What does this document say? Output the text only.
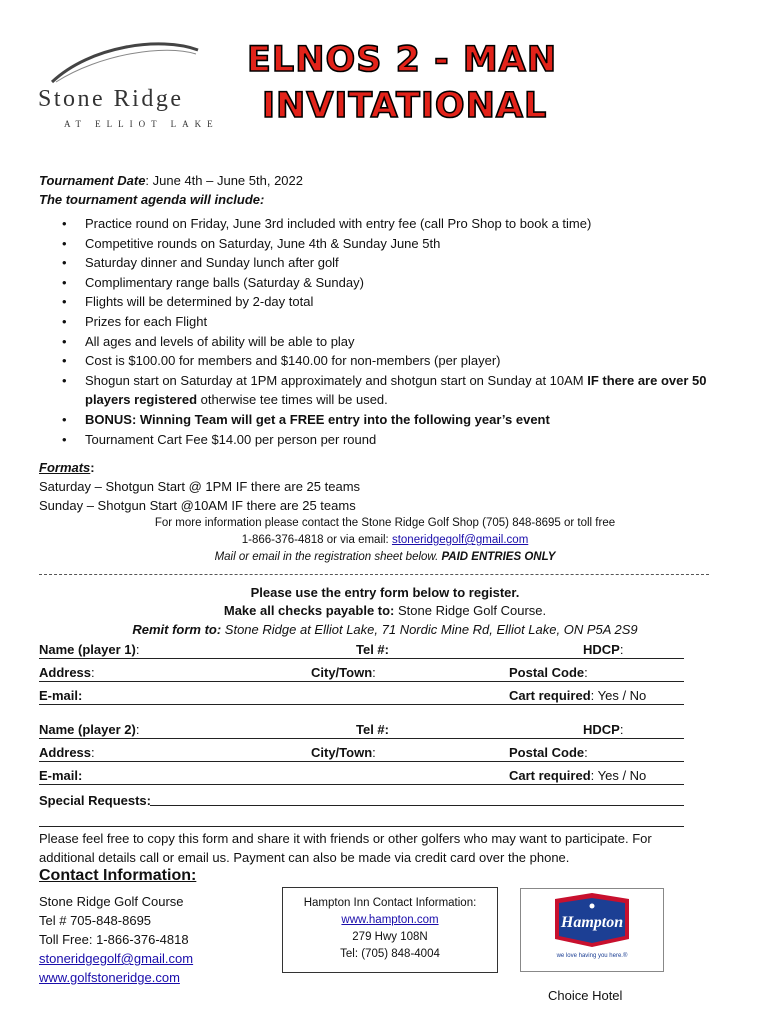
Stone Ridge
AT ELLIOT LAKE
ELNOS 2 - MAN
INVITATIONAL
Tournament Date: June 4th – June 5th, 2022
The tournament agenda will include:
• Practice round on Friday, June 3rd included with entry fee (call Pro Shop to book a time)
• Competitive rounds on Saturday, June 4th & Sunday June 5th
• Saturday dinner and Sunday lunch after golf
• Complimentary range balls (Saturday & Sunday)
• Flights will be determined by 2-day total
• Prizes for each Flight
• All ages and levels of ability will be able to play
• Cost is $100.00 for members and $140.00 for non-members (per player)
• Shogun start on Saturday at 1PM approximately and shotgun start on Sunday at 10AM IF there are over 50
players registered otherwise tee times will be used.
• BONUS: Winning Team will get a FREE entry into the following year’s event
• Tournament Cart Fee $14.00 per person per round
Formats:
Saturday – Shotgun Start @ 1PM IF there are 25 teams
Sunday – Shotgun Start @10AM IF there are 25 teams
For more information please contact the Stone Ridge Golf Shop (705) 848-8695 or toll free
1-866-376-4818 or via email: stoneridgegolf@gmail.com
Mail or email in the registration sheet below. PAID ENTRIES ONLY
Please use the entry form below to register.
Make all checks payable to: Stone Ridge Golf Course.
Remit form to: Stone Ridge at Elliot Lake, 71 Nordic Mine Rd, Elliot Lake, ON P5A 2S9
Name (player 1):	Tel #:	HDCP:
Address:	City/Town:	Postal Code:
E-mail:	Cart required: Yes / No
Name (player 2):	Tel #:	HDCP:
Address:	City/Town:	Postal Code:
E-mail:	Cart required: Yes / No
Special Requests:
Please feel free to copy this form and share it with friends or other golfers who may want to participate. For
additional details call or email us. Payment can also be made via credit card over the phone.
Contact Information:
Stone Ridge Golf Course
Tel # 705-848-8695
Toll Free: 1-866-376-4818
stoneridgegolf@gmail.com
www.golfstoneridge.com
Hampton Inn Contact Information:
www.hampton.com
279 Hwy 108N
Tel: (705) 848-4004
Hampton
we love having you here.®
Choice Hotel
